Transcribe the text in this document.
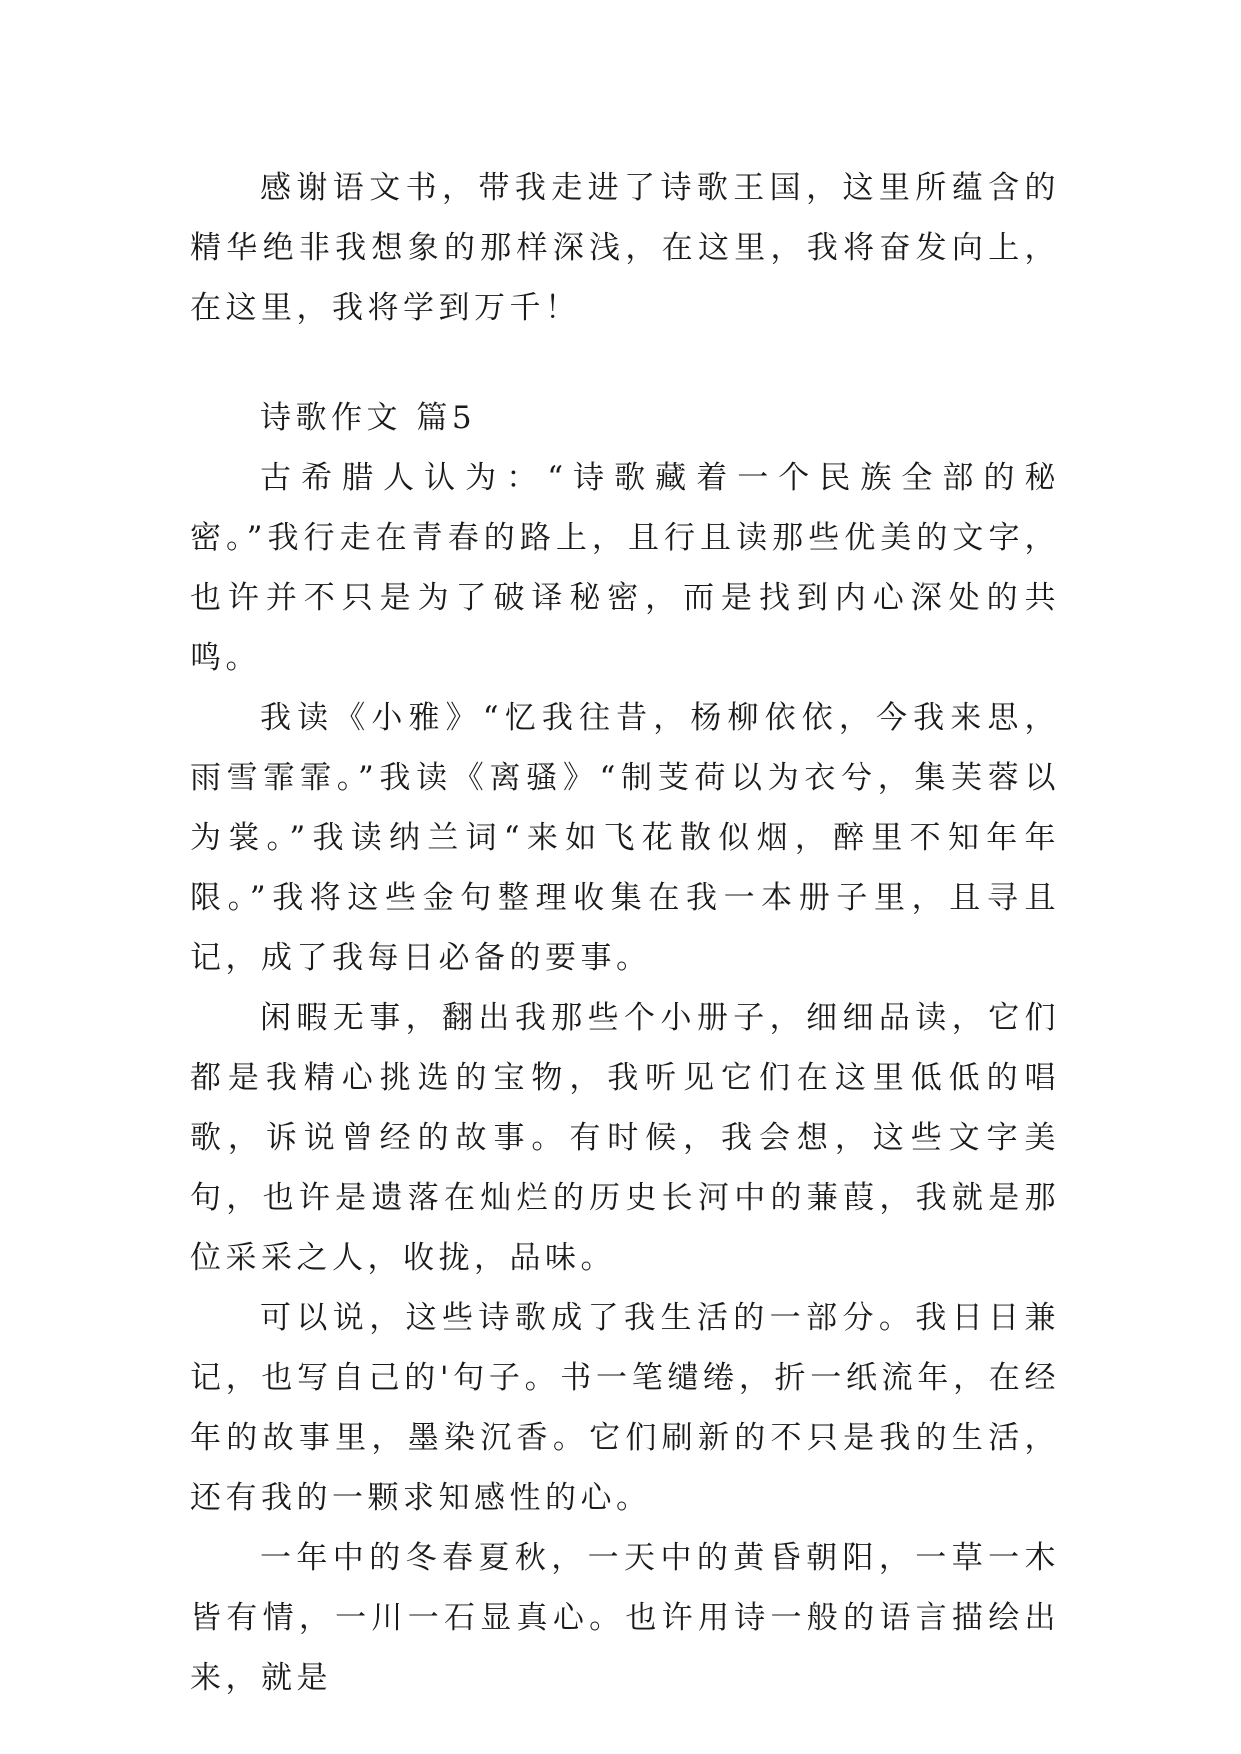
感谢语文书，带我走进了诗歌王国，这里所蕴含的精华绝非我想象的那样深浅，在这里，我将奋发向上，在这里，我将学到万千！

诗歌作文 篇5

古希腊人认为：“诗歌藏着一个民族全部的秘密。”我行走在青春的路上，且行且读那些优美的文字，也许并不只是为了破译秘密，而是找到内心深处的共鸣。

我读《小雅》“忆我往昔，杨柳依依，今我来思，雨雪霏霏。”我读《离骚》“制芰荷以为衣兮，集芙蓉以为裳。”我读纳兰词“来如飞花散似烟，醉里不知年年限。”我将这些金句整理收集在我一本册子里，且寻且记，成了我每日必备的要事。

闲暇无事，翻出我那些个小册子，细细品读，它们都是我精心挑选的宝物，我听见它们在这里低低的唱歌，诉说曾经的故事。有时候，我会想，这些文字美句，也许是遗落在灿烂的历史长河中的蒹葭，我就是那位采采之人，收拢，品味。

可以说，这些诗歌成了我生活的一部分。我日日兼记，也写自己的'句子。书一笔缱绻，折一纸流年，在经年的故事里，墨染沉香。它们刷新的不只是我的生活，还有我的一颗求知感性的心。

一年中的冬春夏秋，一天中的黄昏朝阳，一草一木皆有情，一川一石显真心。也许用诗一般的语言描绘出来，就是
